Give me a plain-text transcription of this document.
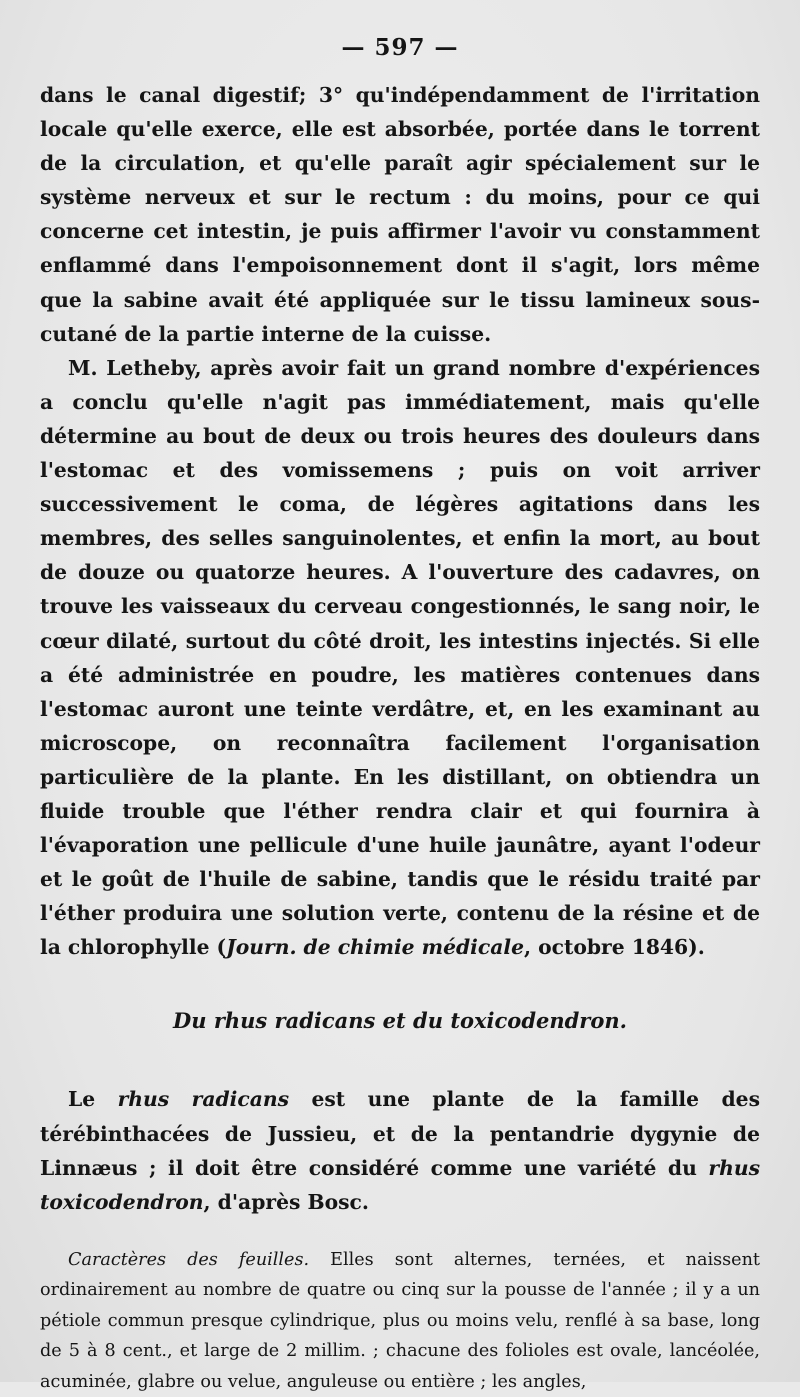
— 597 —

dans le canal digestif; 3° qu'indépendamment de l'irritation locale qu'elle exerce, elle est absorbée, portée dans le torrent de la circulation, et qu'elle paraît agir spécialement sur le système nerveux et sur le rectum : du moins, pour ce qui concerne cet intestin, je puis affirmer l'avoir vu constamment enflammé dans l'empoisonnement dont il s'agit, lors même que la sabine avait été appliquée sur le tissu lamineux sous-cutané de la partie interne de la cuisse.

M. Letheby, après avoir fait un grand nombre d'expériences a conclu qu'elle n'agit pas immédiatement, mais qu'elle détermine au bout de deux ou trois heures des douleurs dans l'estomac et des vomissemens ; puis on voit arriver successivement le coma, de légères agitations dans les membres, des selles sanguinolentes, et enfin la mort, au bout de douze ou quatorze heures. A l'ouverture des cadavres, on trouve les vaisseaux du cerveau congestionnés, le sang noir, le cœur dilaté, surtout du côté droit, les intestins injectés. Si elle a été administrée en poudre, les matières contenues dans l'estomac auront une teinte verdâtre, et, en les examinant au microscope, on reconnaîtra facilement l'organisation particulière de la plante. En les distillant, on obtiendra un fluide trouble que l'éther rendra clair et qui fournira à l'évaporation une pellicule d'une huile jaunâtre, ayant l'odeur et le goût de l'huile de sabine, tandis que le résidu traité par l'éther produira une solution verte, contenu de la résine et de la chlorophylle (Journ. de chimie médicale, octobre 1846).

Du rhus radicans et du toxicodendron.

Le rhus radicans est une plante de la famille des térébinthacées de Jussieu, et de la pentandrie dygynie de Linnæus ; il doit être considéré comme une variété du rhus toxicodendron, d'après Bosc.

Caractères des feuilles. Elles sont alternes, ternées, et naissent ordinairement au nombre de quatre ou cinq sur la pousse de l'année ; il y a un pétiole commun presque cylindrique, plus ou moins velu, renflé à sa base, long de 5 à 8 cent., et large de 2 millim. ; chacune des folioles est ovale, lancéolée, acuminée, glabre ou velue, anguleuse ou entière ; les angles,
